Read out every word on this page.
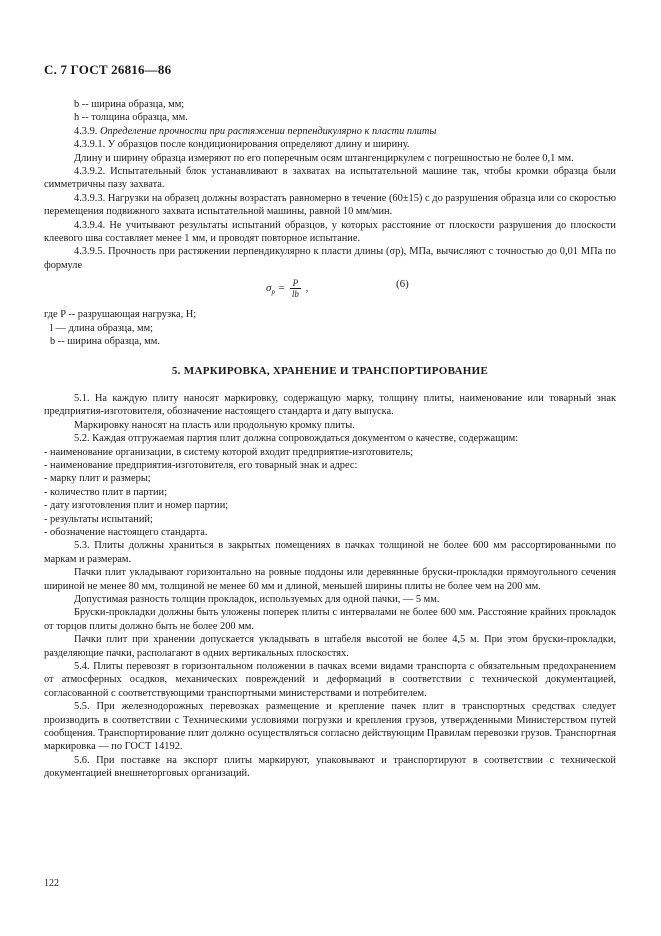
С. 7 ГОСТ 26816—86

b -- ширина образца, мм;

h -- толщина образца, мм.

4.3.9. Определение прочности при растяжении перпендикулярно к пласти плиты

4.3.9.1. У образцов после кондиционирования определяют длину и ширину.

Длину и ширину образца измеряют по его поперечным осям штангенциркулем с погрешностью не более 0,1 мм.

4.3.9.2. Испытательный блок устанавливают в захватах на испытательной машине так, чтобы кромки образца были симметричны пазу захвата.

4.3.9.3. Нагрузки на образец должны возрастать равномерно в течение (60±15) с до разрушения образца или со скоростью перемещения подвижного захвата испытательной машины, равной 10 мм/мин.

4.3.9.4. Не учитывают результаты испытаний образцов, у которых расстояние от плоскости разрушения до плоскости клеевого шва составляет менее 1 мм, и проводят повторное испытание.

4.3.9.5. Прочность при растяжении перпендикулярно к пласти длины (σр), МПа, вычисляют с точностью до 0,01 МПа по формуле

$\sigma_р = \frac{P}{lb}$ ,	(6)

где P -- разрушающая нагрузка, Н;

l — длина образца, мм;

b -- ширина образца, мм.

5. МАРКИРОВКА, ХРАНЕНИЕ И ТРАНСПОРТИРОВАНИЕ

5.1. На каждую плиту наносят маркировку, содержащую марку, толщину плиты, наименование или товарный знак предприятия-изготовителя, обозначение настоящего стандарта и дату выпуска.

Маркировку наносят на пласть или продольную кромку плиты.

5.2. Каждая отгружаемая партия плит должна сопровождаться документом о качестве, содержащим:

- наименование организации, в систему которой входит предприятие-изготовитель;

- наименование предприятия-изготовителя, его товарный знак и адрес:

- марку плит и размеры;

- количество плит в партии;

- дату изготовления плит и номер партии;

- результаты испытаний;

- обозначение настоящего стандарта.

5.3. Плиты должны храниться в закрытых помещениях в пачках толщиной не более 600 мм рассортированными по маркам и размерам.

Пачки плит укладывают горизонтально на ровные поддоны или деревянные бруски-прокладки прямоугольного сечения шириной не менее 80 мм, толщиной не менее 60 мм и длиной, меньшей ширины плиты не более чем на 200 мм.

Допустимая разность толщин прокладок, используемых для одной пачки, — 5 мм.

Бруски-прокладки должны быть уложены поперек плиты с интервалами не более 600 мм. Расстояние крайних прокладок от торцов плиты должно быть не более 200 мм.

Пачки плит при хранении допускается укладывать в штабеля высотой не более 4,5 м. При этом бруски-прокладки, разделяющие пачки, располагают в одних вертикальных плоскостях.

5.4. Плиты перевозят в горизонтальном положении в пачках всеми видами транспорта с обязательным предохранением от атмосферных осадков, механических повреждений и деформаций в соответствии с технической документацией, согласованной с соответствующими транспортными министерствами и потребителем.

5.5. При железнодорожных перевозках размещение и крепление пачек плит в транспортных средствах следует производить в соответствии с Техническими условиями погрузки и крепления грузов, утвержденными Министерством путей сообщения. Транспортирование плит должно осуществляться согласно действующим Правилам перевозки грузов. Транспортная маркировка — по ГОСТ 14192.

5.6. При поставке на экспорт плиты маркируют, упаковывают и транспортируют в соответствии с технической документацией внешнеторговых организаций.

122
